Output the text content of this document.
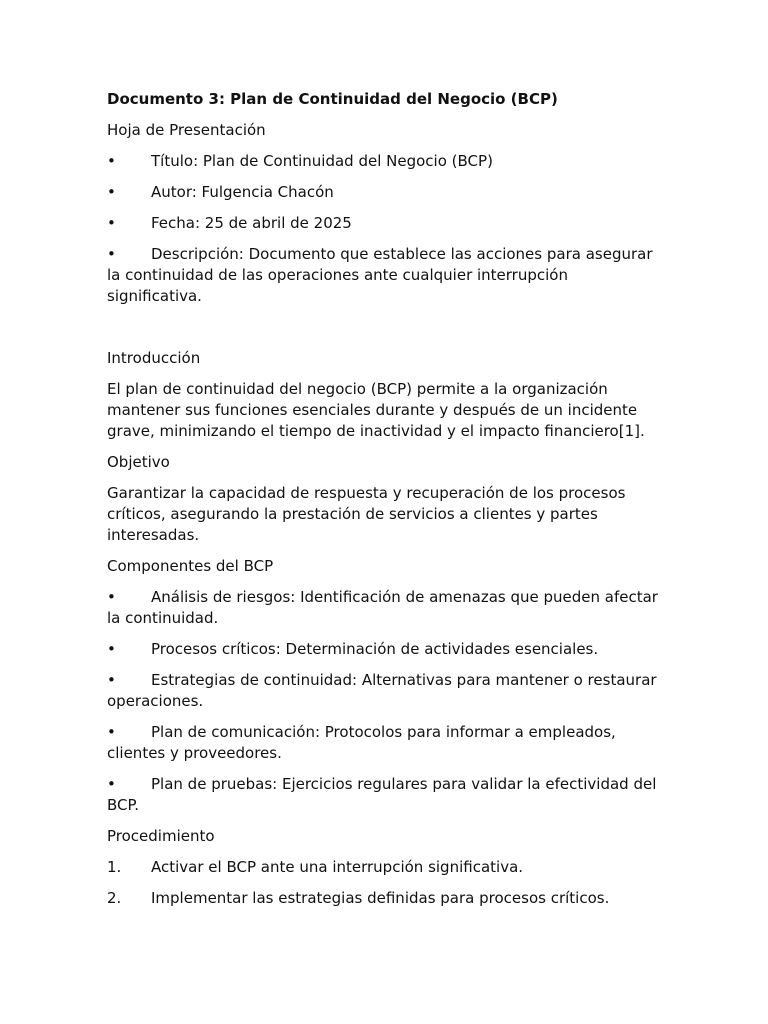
Documento 3: Plan de Continuidad del Negocio (BCP)
Hoja de Presentación
• Título: Plan de Continuidad del Negocio (BCP)
• Autor: Fulgencia Chacón
• Fecha: 25 de abril de 2025
• Descripción: Documento que establece las acciones para asegurar la continuidad de las operaciones ante cualquier interrupción significativa.
Introducción
El plan de continuidad del negocio (BCP) permite a la organización mantener sus funciones esenciales durante y después de un incidente grave, minimizando el tiempo de inactividad y el impacto financiero[1].
Objetivo
Garantizar la capacidad de respuesta y recuperación de los procesos críticos, asegurando la prestación de servicios a clientes y partes interesadas.
Componentes del BCP
• Análisis de riesgos: Identificación de amenazas que pueden afectar la continuidad.
• Procesos críticos: Determinación de actividades esenciales.
• Estrategias de continuidad: Alternativas para mantener o restaurar operaciones.
• Plan de comunicación: Protocolos para informar a empleados, clientes y proveedores.
• Plan de pruebas: Ejercicios regulares para validar la efectividad del BCP.
Procedimiento
1. Activar el BCP ante una interrupción significativa.
2. Implementar las estrategias definidas para procesos críticos.
